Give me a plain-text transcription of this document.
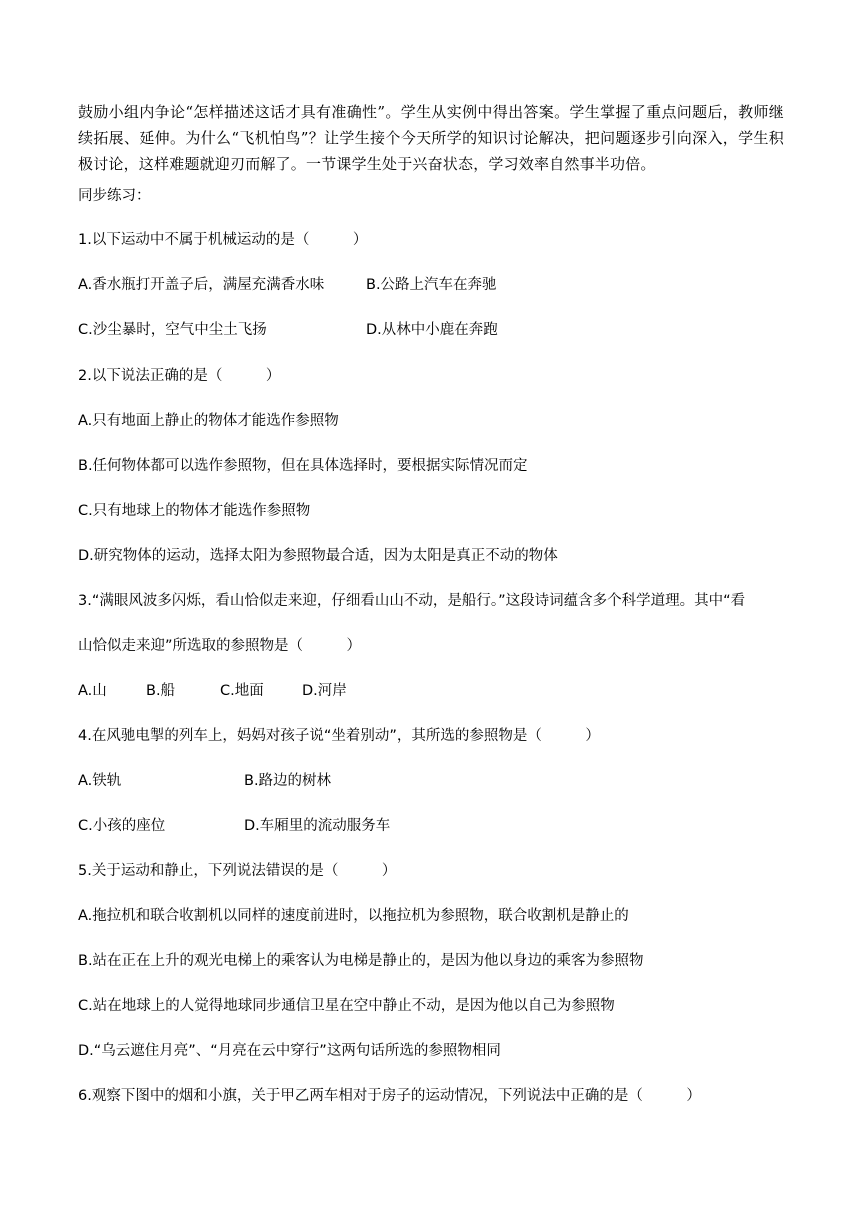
鼓励小组内争论“怎样描述这话才具有准确性”。学生从实例中得出答案。学生掌握了重点问题后，教师继续拓展、延伸。为什么“飞机怕鸟”？让学生接个今天所学的知识讨论解决，把问题逐步引向深入，学生积极讨论，这样难题就迎刃而解了。一节课学生处于兴奋状态，学习效率自然事半功倍。

同步练习：

1.以下运动中不属于机械运动的是（　　　）

A.香水瓶打开盖子后，满屋充满香水味	B.公路上汽车在奔驰
C.沙尘暴时，空气中尘土飞扬	D.从林中小鹿在奔跑

2.以下说法正确的是（　　　）

A.只有地面上静止的物体才能选作参照物

B.任何物体都可以选作参照物，但在具体选择时，要根据实际情况而定

C.只有地球上的物体才能选作参照物

D.研究物体的运动，选择太阳为参照物最合适，因为太阳是真正不动的物体

3.“满眼风波多闪烁，看山恰似走来迎，仔细看山山不动，是船行。”这段诗词蕴含多个科学道理。其中“看

山恰似走来迎”所选取的参照物是（　　　）

A.山	B.船	C.地面	D.河岸

4.在风驰电掣的列车上，妈妈对孩子说“坐着别动”，其所选的参照物是（　　　）

A.铁轨	B.路边的树林
C.小孩的座位	D.车厢里的流动服务车

5.关于运动和静止，下列说法错误的是（　　　）

A.拖拉机和联合收割机以同样的速度前进时，以拖拉机为参照物，联合收割机是静止的

B.站在正在上升的观光电梯上的乘客认为电梯是静止的，是因为他以身边的乘客为参照物

C.站在地球上的人觉得地球同步通信卫星在空中静止不动，是因为他以自己为参照物

D.“乌云遮住月亮”、“月亮在云中穿行”这两句话所选的参照物相同

6.观察下图中的烟和小旗，关于甲乙两车相对于房子的运动情况，下列说法中正确的是（　　　）
